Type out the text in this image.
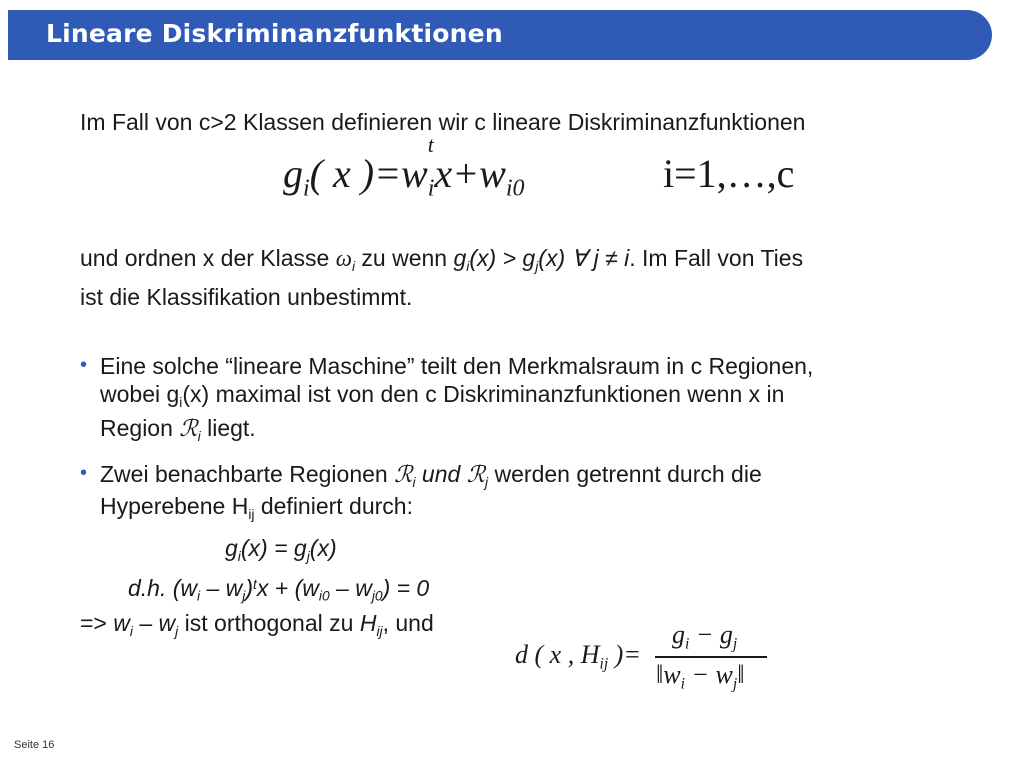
Lineare Diskriminanzfunktionen
Im Fall von c>2 Klassen definieren wir c lineare Diskriminanzfunktionen
$g_i$( x )=w
t
$_ix+w_{i0}$	i=1,…,c
und ordnen x der Klasse $\omega_i$ zu wenn $g_i(x) > g_j(x)$ ∀ j ≠ i. Im Fall von Ties
ist die Klassifikation unbestimmt.
• Eine solche “lineare Maschine” teilt den Merkmalsraum in c Regionen,
wobei $g_i(x)$ maximal ist von den c Diskriminanzfunktionen wenn x in
Region ℛ$_i$ liegt.
• Zwei benachbarte Regionen ℛ$_i$ und ℛ$_j$ werden getrennt durch die
Hyperebene $H_{ij}$ definiert durch:
$g_i(x) = g_j(x)$
d.h. $(w_i - w_j)^tx + (w_{i0} - w_{j0}) = 0$
=> $w_i - w_j$ ist orthogonal zu $H_{ij}$, und
d ( x , $H_{ij}$ )=
$g_i - g_j$
$‖w_i$ − $w_j‖$
Seite 16
